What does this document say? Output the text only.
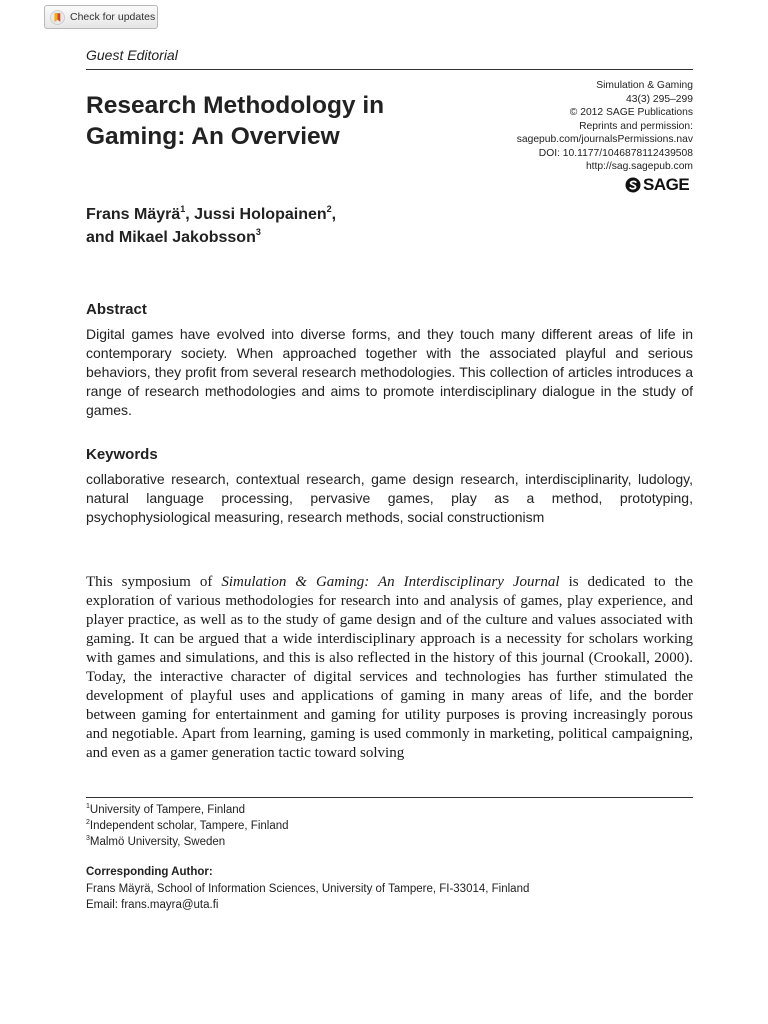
Check for updates
Guest Editorial
Research Methodology in
Gaming: An Overview
Simulation & Gaming
43(3) 295–299
© 2012 SAGE Publications
Reprints and permission:
sagepub.com/journalsPermissions.nav
DOI: 10.1177/1046878112439508
http://sag.sagepub.com
SAGE
Frans Mäyrä$^1$, Jussi Holopainen$^2$,
and Mikael Jakobsson$^3$
Abstract
Digital games have evolved into diverse forms, and they touch many different areas of life in contemporary society. When approached together with the associated playful and serious behaviors, they profit from several research methodologies. This collection of articles introduces a range of research methodologies and aims to promote interdisciplinary dialogue in the study of games.
Keywords
collaborative research, contextual research, game design research, interdisciplinarity, ludology, natural language processing, pervasive games, play as a method, prototyping, psychophysiological measuring, research methods, social constructionism
This symposium of Simulation & Gaming: An Interdisciplinary Journal is dedicated to the exploration of various methodologies for research into and analysis of games, play experience, and player practice, as well as to the study of game design and of the culture and values associated with gaming. It can be argued that a wide interdisciplinary approach is a necessity for scholars working with games and simulations, and this is also reflected in the history of this journal (Crookall, 2000). Today, the interactive character of digital services and technologies has further stimulated the development of playful uses and applications of gaming in many areas of life, and the border between gaming for entertainment and gaming for utility purposes is proving increasingly porous and negotiable. Apart from learning, gaming is used commonly in marketing, political campaigning, and even as a gamer generation tactic toward solving
$^1$University of Tampere, Finland
$^2$Independent scholar, Tampere, Finland
$^3$Malmö University, Sweden
Corresponding Author:
Frans Mäyrä, School of Information Sciences, University of Tampere, FI-33014, Finland
Email: frans.mayra@uta.fi
